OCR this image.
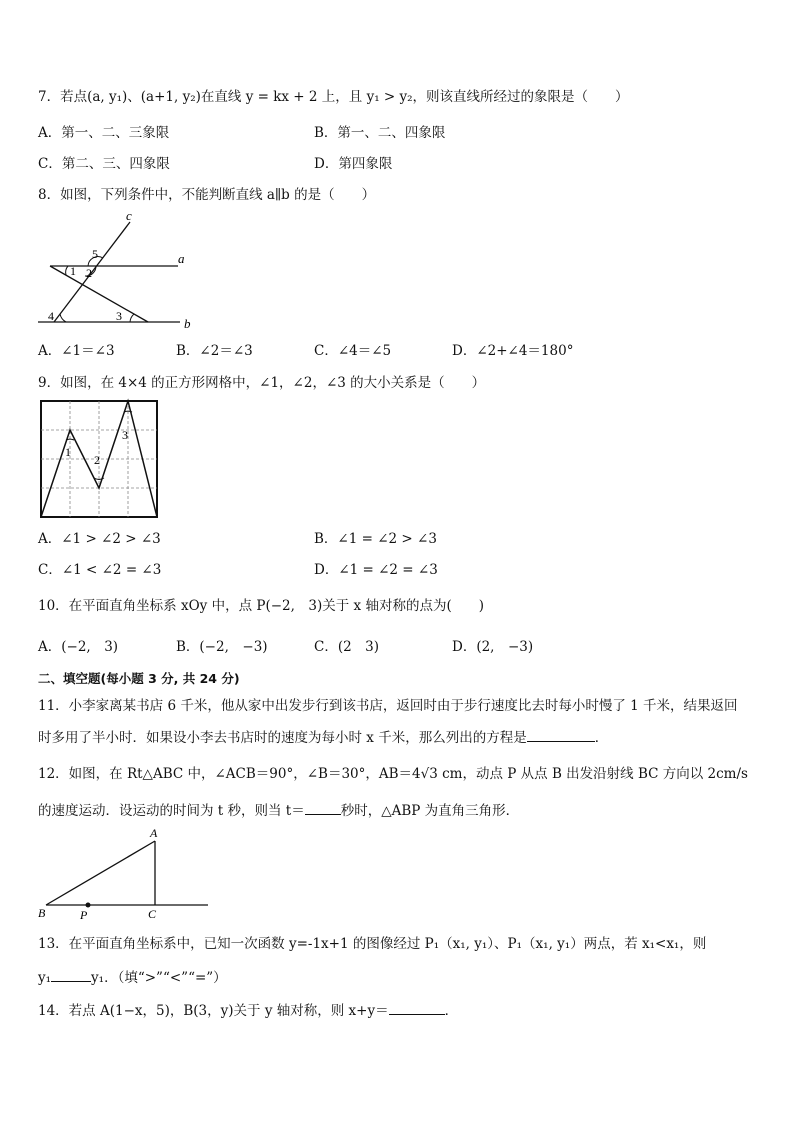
7．若点(a, y₁)、(a+1, y₂)在直线 y = kx + 2 上，且 y₁ > y₂，则该直线所经过的象限是（　　）
A．第一、二、三象限	B．第一、二、四象限
C．第二、三、四象限	D．第四象限
8．如图，下列条件中，不能判断直线 a∥b 的是（　　）
c
a
b
1 2
3
4
5
A．∠1＝∠3	B．∠2＝∠3	C．∠4＝∠5	D．∠2+∠4＝180°
9．如图，在 4×4 的正方形网格中，∠1，∠2，∠3 的大小关系是（　　）
1
2
3
A．∠1 > ∠2 > ∠3	B．∠1 = ∠2 > ∠3
C．∠1 < ∠2 = ∠3	D．∠1 = ∠2 = ∠3
10．在平面直角坐标系 xOy 中，点 P(−2,　3)关于 x 轴对称的点为(　　)
A．(−2,　3)	B．(−2,　−3)	C．(2　3)	D．(2,　−3)
二、填空题(每小题 3 分, 共 24 分)
11．小李家离某书店 6 千米，他从家中出发步行到该书店，返回时由于步行速度比去时每小时慢了 1 千米，结果返回
时多用了半小时．如果设小李去书店时的速度为每小时 x 千米，那么列出的方程是	．
12．如图，在 Rt△ABC 中，∠ACB＝90°，∠B＝30°，AB＝4√3 cm，动点 P 从点 B 出发沿射线 BC 方向以 2cm/s
的速度运动．设运动的时间为 t 秒，则当 t＝	秒时，△ABP 为直角三角形．
A
B	P	C
13．在平面直角坐标系中，已知一次函数 y=-1x+1 的图像经过 P₁（x₁, y₁）、P₁（x₁, y₁）两点，若 x₁<x₁，则
y₁	y₁．（填“>”“<”“=”）
14．若点 A(1−x，5)，B(3，y)关于 y 轴对称，则 x+y＝	．
